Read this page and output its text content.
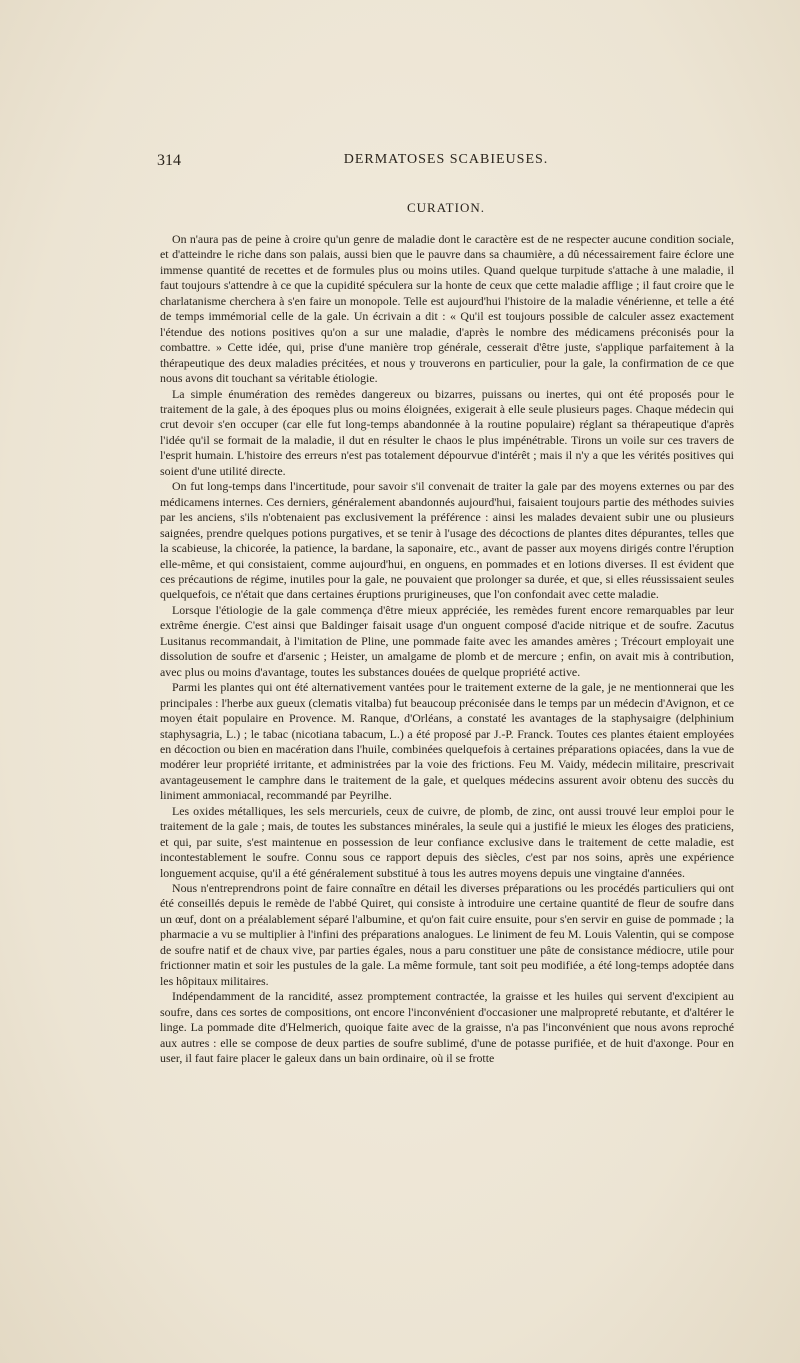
314	DERMATOSES SCABIEUSES.
CURATION.

On n'aura pas de peine à croire qu'un genre de maladie dont le caractère est de ne respecter aucune condition sociale, et d'atteindre le riche dans son palais, aussi bien que le pauvre dans sa chaumière, a dû nécessairement faire éclore une immense quantité de recettes et de formules plus ou moins utiles. Quand quelque turpitude s'attache à une maladie, il faut toujours s'attendre à ce que la cupidité spéculera sur la honte de ceux que cette maladie afflige ; il faut croire que le charlatanisme cherchera à s'en faire un monopole. Telle est aujourd'hui l'histoire de la maladie vénérienne, et telle a été de temps immémorial celle de la gale. Un écrivain a dit : « Qu'il est toujours possible de calculer assez exactement l'étendue des notions positives qu'on a sur une maladie, d'après le nombre des médicamens préconisés pour la combattre. » Cette idée, qui, prise d'une manière trop générale, cesserait d'être juste, s'applique parfaitement à la thérapeutique des deux maladies précitées, et nous y trouverons en particulier, pour la gale, la confirmation de ce que nous avons dit touchant sa véritable étiologie.

La simple énumération des remèdes dangereux ou bizarres, puissans ou inertes, qui ont été proposés pour le traitement de la gale, à des époques plus ou moins éloignées, exigerait à elle seule plusieurs pages. Chaque médecin qui crut devoir s'en occuper (car elle fut long-temps abandonnée à la routine populaire) réglant sa thérapeutique d'après l'idée qu'il se formait de la maladie, il dut en résulter le chaos le plus impénétrable. Tirons un voile sur ces travers de l'esprit humain. L'histoire des erreurs n'est pas totalement dépourvue d'intérêt ; mais il n'y a que les vérités positives qui soient d'une utilité directe.

On fut long-temps dans l'incertitude, pour savoir s'il convenait de traiter la gale par des moyens externes ou par des médicamens internes. Ces derniers, généralement abandonnés aujourd'hui, faisaient toujours partie des méthodes suivies par les anciens, s'ils n'obtenaient pas exclusivement la préférence : ainsi les malades devaient subir une ou plusieurs saignées, prendre quelques potions purgatives, et se tenir à l'usage des décoctions de plantes dites dépurantes, telles que la scabieuse, la chicorée, la patience, la bardane, la saponaire, etc., avant de passer aux moyens dirigés contre l'éruption elle-même, et qui consistaient, comme aujourd'hui, en onguens, en pommades et en lotions diverses. Il est évident que ces précautions de régime, inutiles pour la gale, ne pouvaient que prolonger sa durée, et que, si elles réussissaient seules quelquefois, ce n'était que dans certaines éruptions prurigineuses, que l'on confondait avec cette maladie.

Lorsque l'étiologie de la gale commença d'être mieux appréciée, les remèdes furent encore remarquables par leur extrême énergie. C'est ainsi que Baldinger faisait usage d'un onguent composé d'acide nitrique et de soufre. Zacutus Lusitanus recommandait, à l'imitation de Pline, une pommade faite avec les amandes amères ; Trécourt employait une dissolution de soufre et d'arsenic ; Heister, un amalgame de plomb et de mercure ; enfin, on avait mis à contribution, avec plus ou moins d'avantage, toutes les substances douées de quelque propriété active.

Parmi les plantes qui ont été alternativement vantées pour le traitement externe de la gale, je ne mentionnerai que les principales : l'herbe aux gueux (clematis vitalba) fut beaucoup préconisée dans le temps par un médecin d'Avignon, et ce moyen était populaire en Provence. M. Ranque, d'Orléans, a constaté les avantages de la staphysaigre (delphinium staphysagria, L.) ; le tabac (nicotiana tabacum, L.) a été proposé par J.-P. Franck. Toutes ces plantes étaient employées en décoction ou bien en macération dans l'huile, combinées quelquefois à certaines préparations opiacées, dans la vue de modérer leur propriété irritante, et administrées par la voie des frictions. Feu M. Vaidy, médecin militaire, prescrivait avantageusement le camphre dans le traitement de la gale, et quelques médecins assurent avoir obtenu des succès du liniment ammoniacal, recommandé par Peyrilhe.

Les oxides métalliques, les sels mercuriels, ceux de cuivre, de plomb, de zinc, ont aussi trouvé leur emploi pour le traitement de la gale ; mais, de toutes les substances minérales, la seule qui a justifié le mieux les éloges des praticiens, et qui, par suite, s'est maintenue en possession de leur confiance exclusive dans le traitement de cette maladie, est incontestablement le soufre. Connu sous ce rapport depuis des siècles, c'est par nos soins, après une expérience longuement acquise, qu'il a été généralement substitué à tous les autres moyens depuis une vingtaine d'années.

Nous n'entreprendrons point de faire connaître en détail les diverses préparations ou les procédés particuliers qui ont été conseillés depuis le remède de l'abbé Quiret, qui consiste à introduire une certaine quantité de fleur de soufre dans un œuf, dont on a préalablement séparé l'albumine, et qu'on fait cuire ensuite, pour s'en servir en guise de pommade ; la pharmacie a vu se multiplier à l'infini des préparations analogues. Le liniment de feu M. Louis Valentin, qui se compose de soufre natif et de chaux vive, par parties égales, nous a paru constituer une pâte de consistance médiocre, utile pour frictionner matin et soir les pustules de la gale. La même formule, tant soit peu modifiée, a été long-temps adoptée dans les hôpitaux militaires.

Indépendamment de la rancidité, assez promptement contractée, la graisse et les huiles qui servent d'excipient au soufre, dans ces sortes de compositions, ont encore l'inconvénient d'occasioner une malpropreté rebutante, et d'altérer le linge. La pommade dite d'Helmerich, quoique faite avec de la graisse, n'a pas l'inconvénient que nous avons reproché aux autres : elle se compose de deux parties de soufre sublimé, d'une de potasse purifiée, et de huit d'axonge. Pour en user, il faut faire placer le galeux dans un bain ordinaire, où il se frotte
